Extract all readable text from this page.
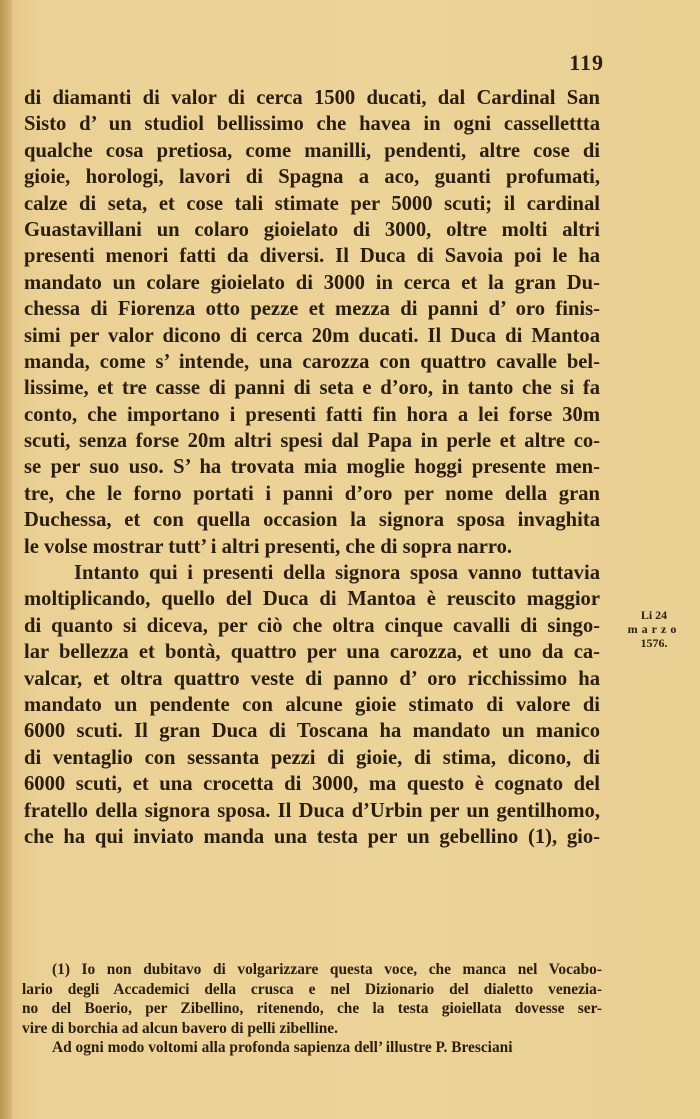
119
di diamanti di valor di cerca 1500 ducati, dal Cardinal San
Sisto d’ un studiol bellissimo che havea in ogni cassellettta
qualche cosa pretiosa, come manilli, pendenti, altre cose di
gioie, horologi, lavori di Spagna a aco, guanti profumati,
calze di seta, et cose tali stimate per 5000 scuti; il cardinal
Guastavillani un colaro gioielato di 3000, oltre molti altri
presenti menori fatti da diversi. Il Duca di Savoia poi le ha
mandato un colare gioielato di 3000 in cerca et la gran Du-
chessa di Fiorenza otto pezze et mezza di panni d’ oro finis-
simi per valor dicono di cerca 20m ducati. Il Duca di Mantoa
manda, come s’ intende, una carozza con quattro cavalle bel-
lissime, et tre casse di panni di seta e d’oro, in tanto che si fa
conto, che importano i presenti fatti fin hora a lei forse 30m
scuti, senza forse 20m altri spesi dal Papa in perle et altre co-
se per suo uso. S’ ha trovata mia moglie hoggi presente men-
tre, che le forno portati i panni d’oro per nome della gran
Duchessa, et con quella occasion la signora sposa invaghita
le volse mostrar tutt’ i altri presenti, che di sopra narro.
Intanto qui i presenti della signora sposa vanno tuttavia
moltiplicando, quello del Duca di Mantoa è reuscito maggior
di quanto si diceva, per ciò che oltra cinque cavalli di singo-
lar bellezza et bontà, quattro per una carozza, et uno da ca-
valcar, et oltra quattro veste di panno d’ oro ricchissimo ha
mandato un pendente con alcune gioie stimato di valore di
6000 scuti. Il gran Duca di Toscana ha mandato un manico
di ventaglio con sessanta pezzi di gioie, di stima, dicono, di
6000 scuti, et una crocetta di 3000, ma questo è cognato del
fratello della signora sposa. Il Duca d’Urbin per un gentilhomo,
che ha qui inviato manda una testa per un gebellino (1), gio-
Li 24
marzo
1576.
(1) Io non dubitavo di volgarizzare questa voce, che manca nel Vocabo-
lario degli Accademici della crusca e nel Dizionario del dialetto venezia-
no del Boerio, per Zibellino, ritenendo, che la testa gioiellata dovesse ser-
vire di borchia ad alcun bavero di pelli zibelline.
Ad ogni modo voltomi alla profonda sapienza dell’ illustre P. Bresciani
